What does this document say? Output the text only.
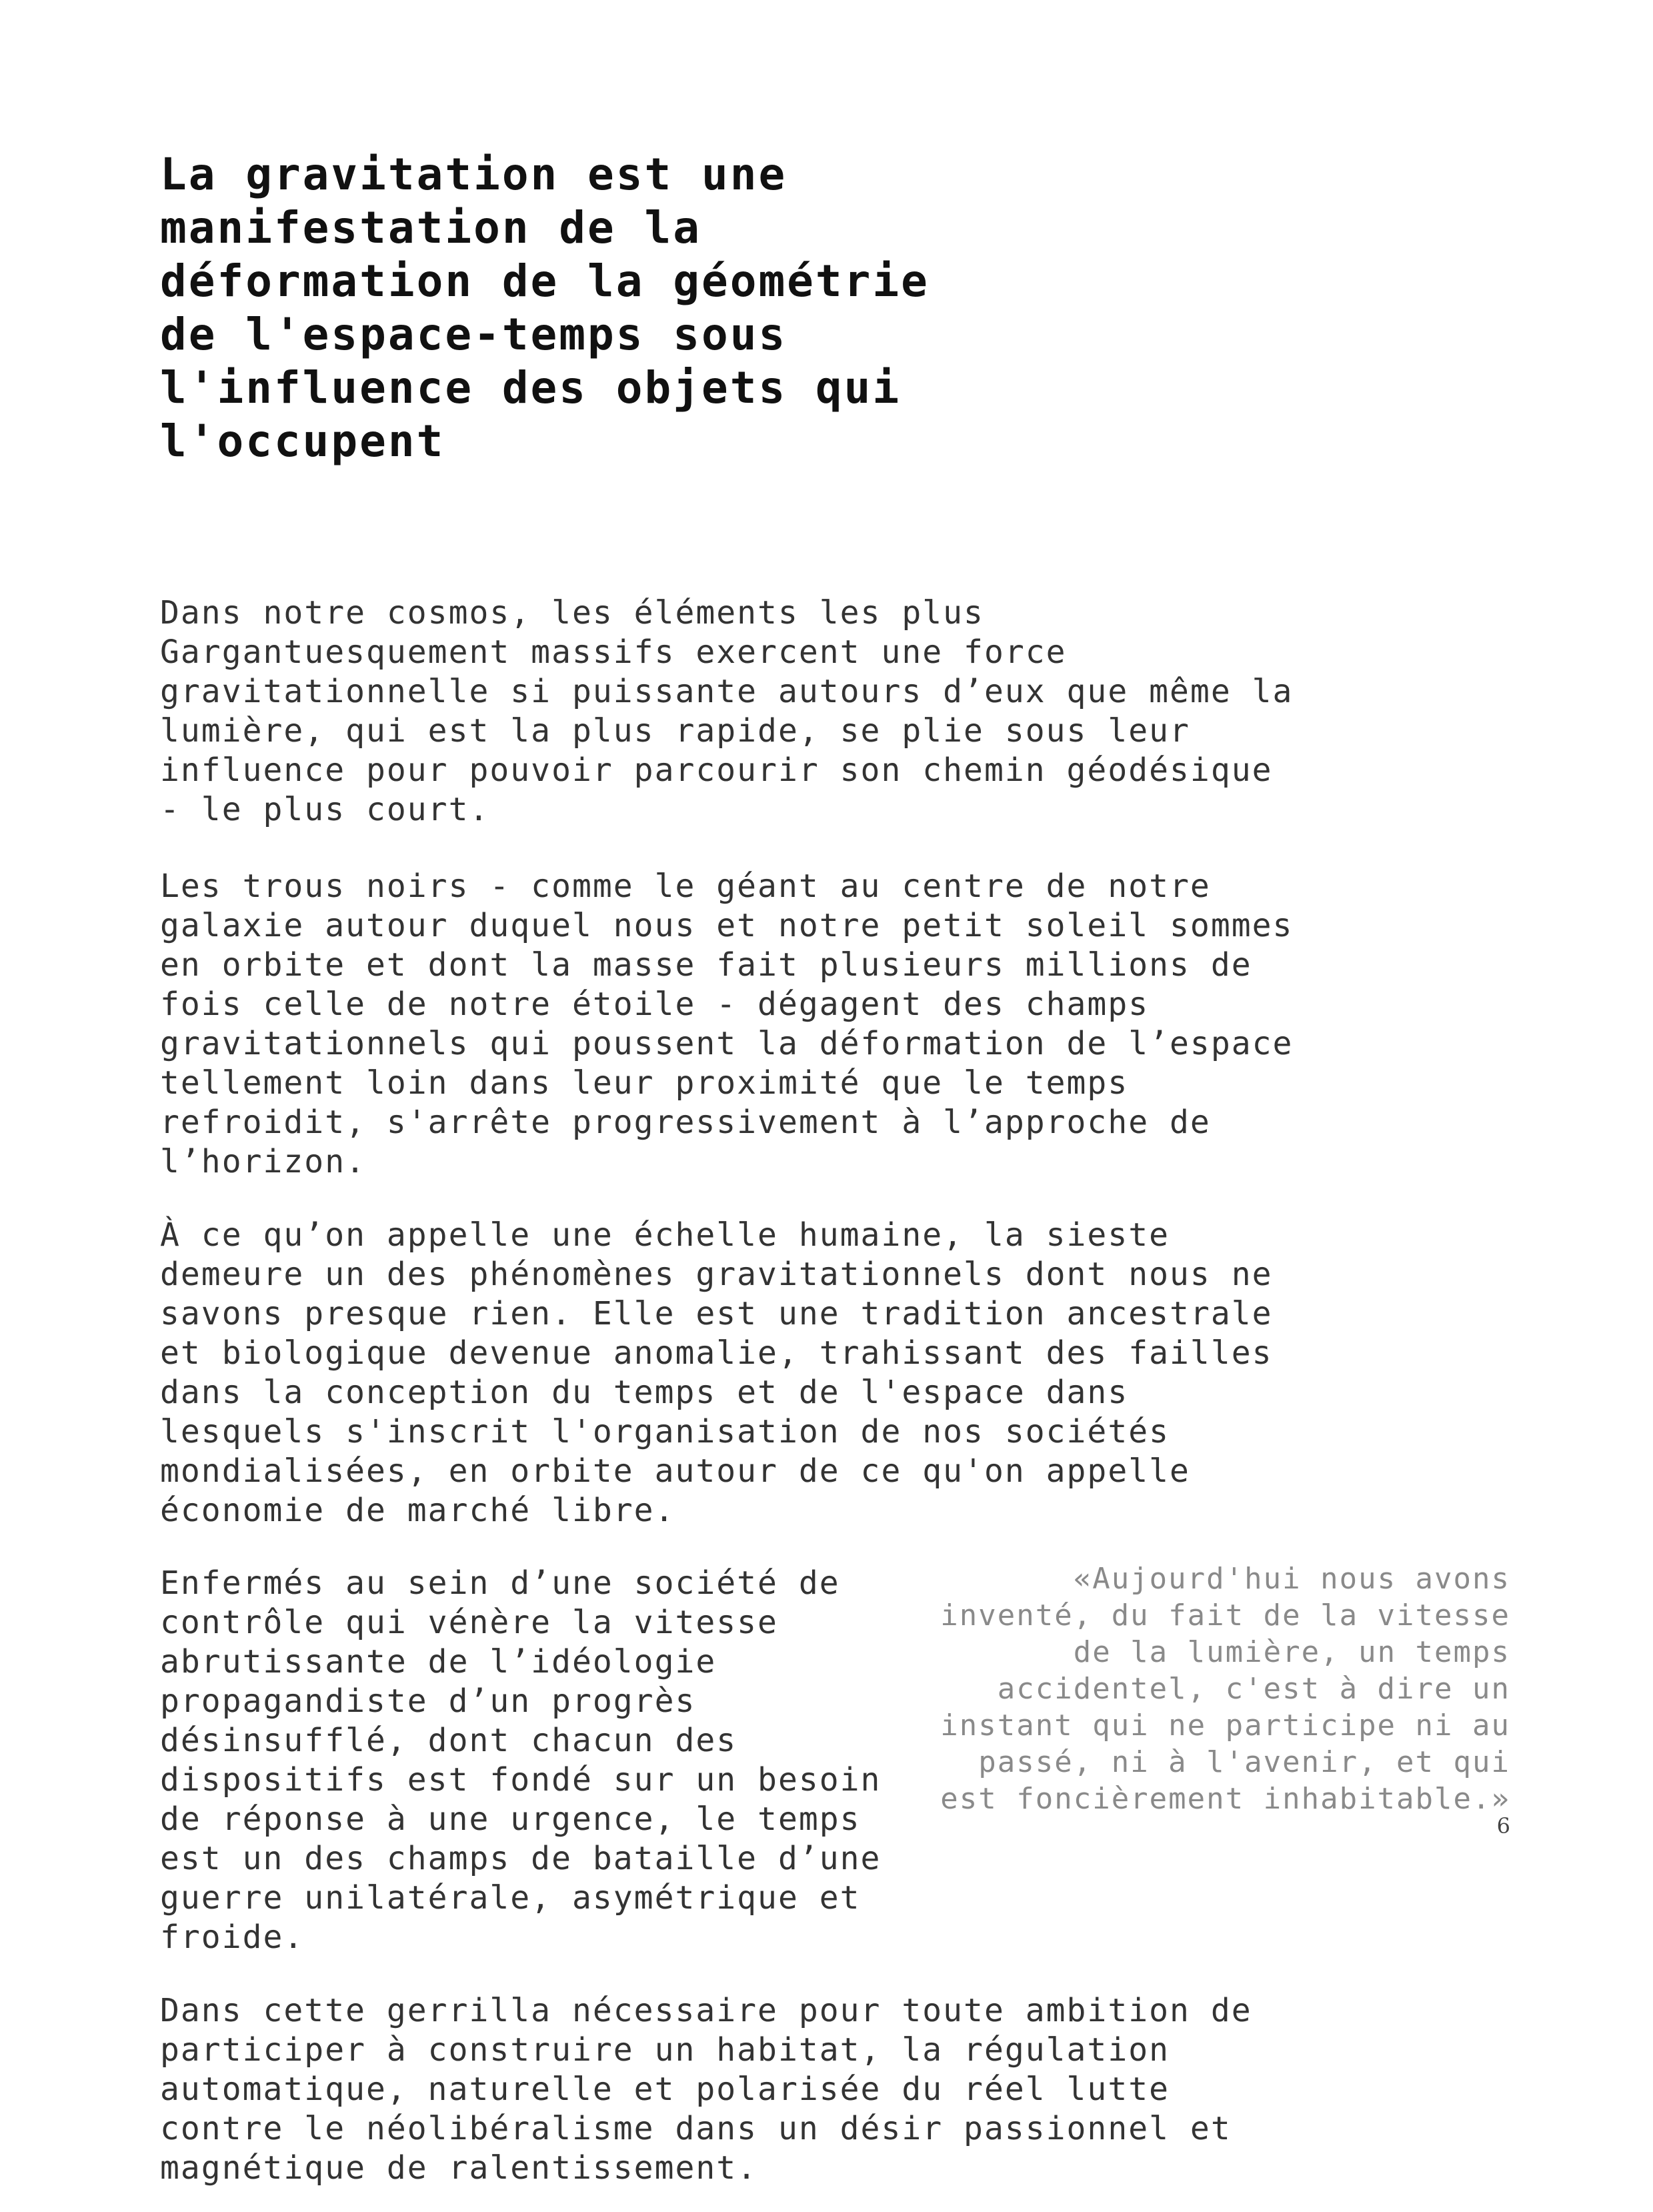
La gravitation est une
manifestation de la
déformation de la géométrie
de l'espace-temps sous
l'influence des objets qui
l'occupent

Dans notre cosmos, les éléments les plus
Gargantuesquement massifs exercent une force
gravitationnelle si puissante autours d’eux que même la
lumière, qui est la plus rapide, se plie sous leur
influence pour pouvoir parcourir son chemin géodésique
- le plus court.

Les trous noirs - comme le géant au centre de notre
galaxie autour duquel nous et notre petit soleil sommes
en orbite et dont la masse fait plusieurs millions de
fois celle de notre étoile - dégagent des champs
gravitationnels qui poussent la déformation de l’espace
tellement loin dans leur proximité que le temps
refroidit, s'arrête progressivement à l’approche de
l’horizon.

À ce qu’on appelle une échelle humaine, la sieste
demeure un des phénomènes gravitationnels dont nous ne
savons presque rien. Elle est une tradition ancestrale
et biologique devenue anomalie, trahissant des failles
dans la conception du temps et de l'espace dans
lesquels s'inscrit l'organisation de nos sociétés
mondialisées, en orbite autour de ce qu'on appelle
économie de marché libre.

Enfermés au sein d’une société de
contrôle qui vénère la vitesse
abrutissante de l’idéologie
propagandiste d’un progrès
désinsufflé, dont chacun des
dispositifs est fondé sur un besoin
de réponse à une urgence, le temps
est un des champs de bataille d’une
guerre unilatérale, asymétrique et
froide.

«Aujourd'hui nous avons
inventé, du fait de la vitesse
de la lumière, un temps
accidentel, c'est à dire un
instant qui ne participe ni au
passé, ni à l'avenir, et qui
est foncièrement inhabitable.»
6

Dans cette gerrilla nécessaire pour toute ambition de
participer à construire un habitat, la régulation
automatique, naturelle et polarisée du réel lutte
contre le néolibéralisme dans un désir passionnel et
magnétique de ralentissement.
